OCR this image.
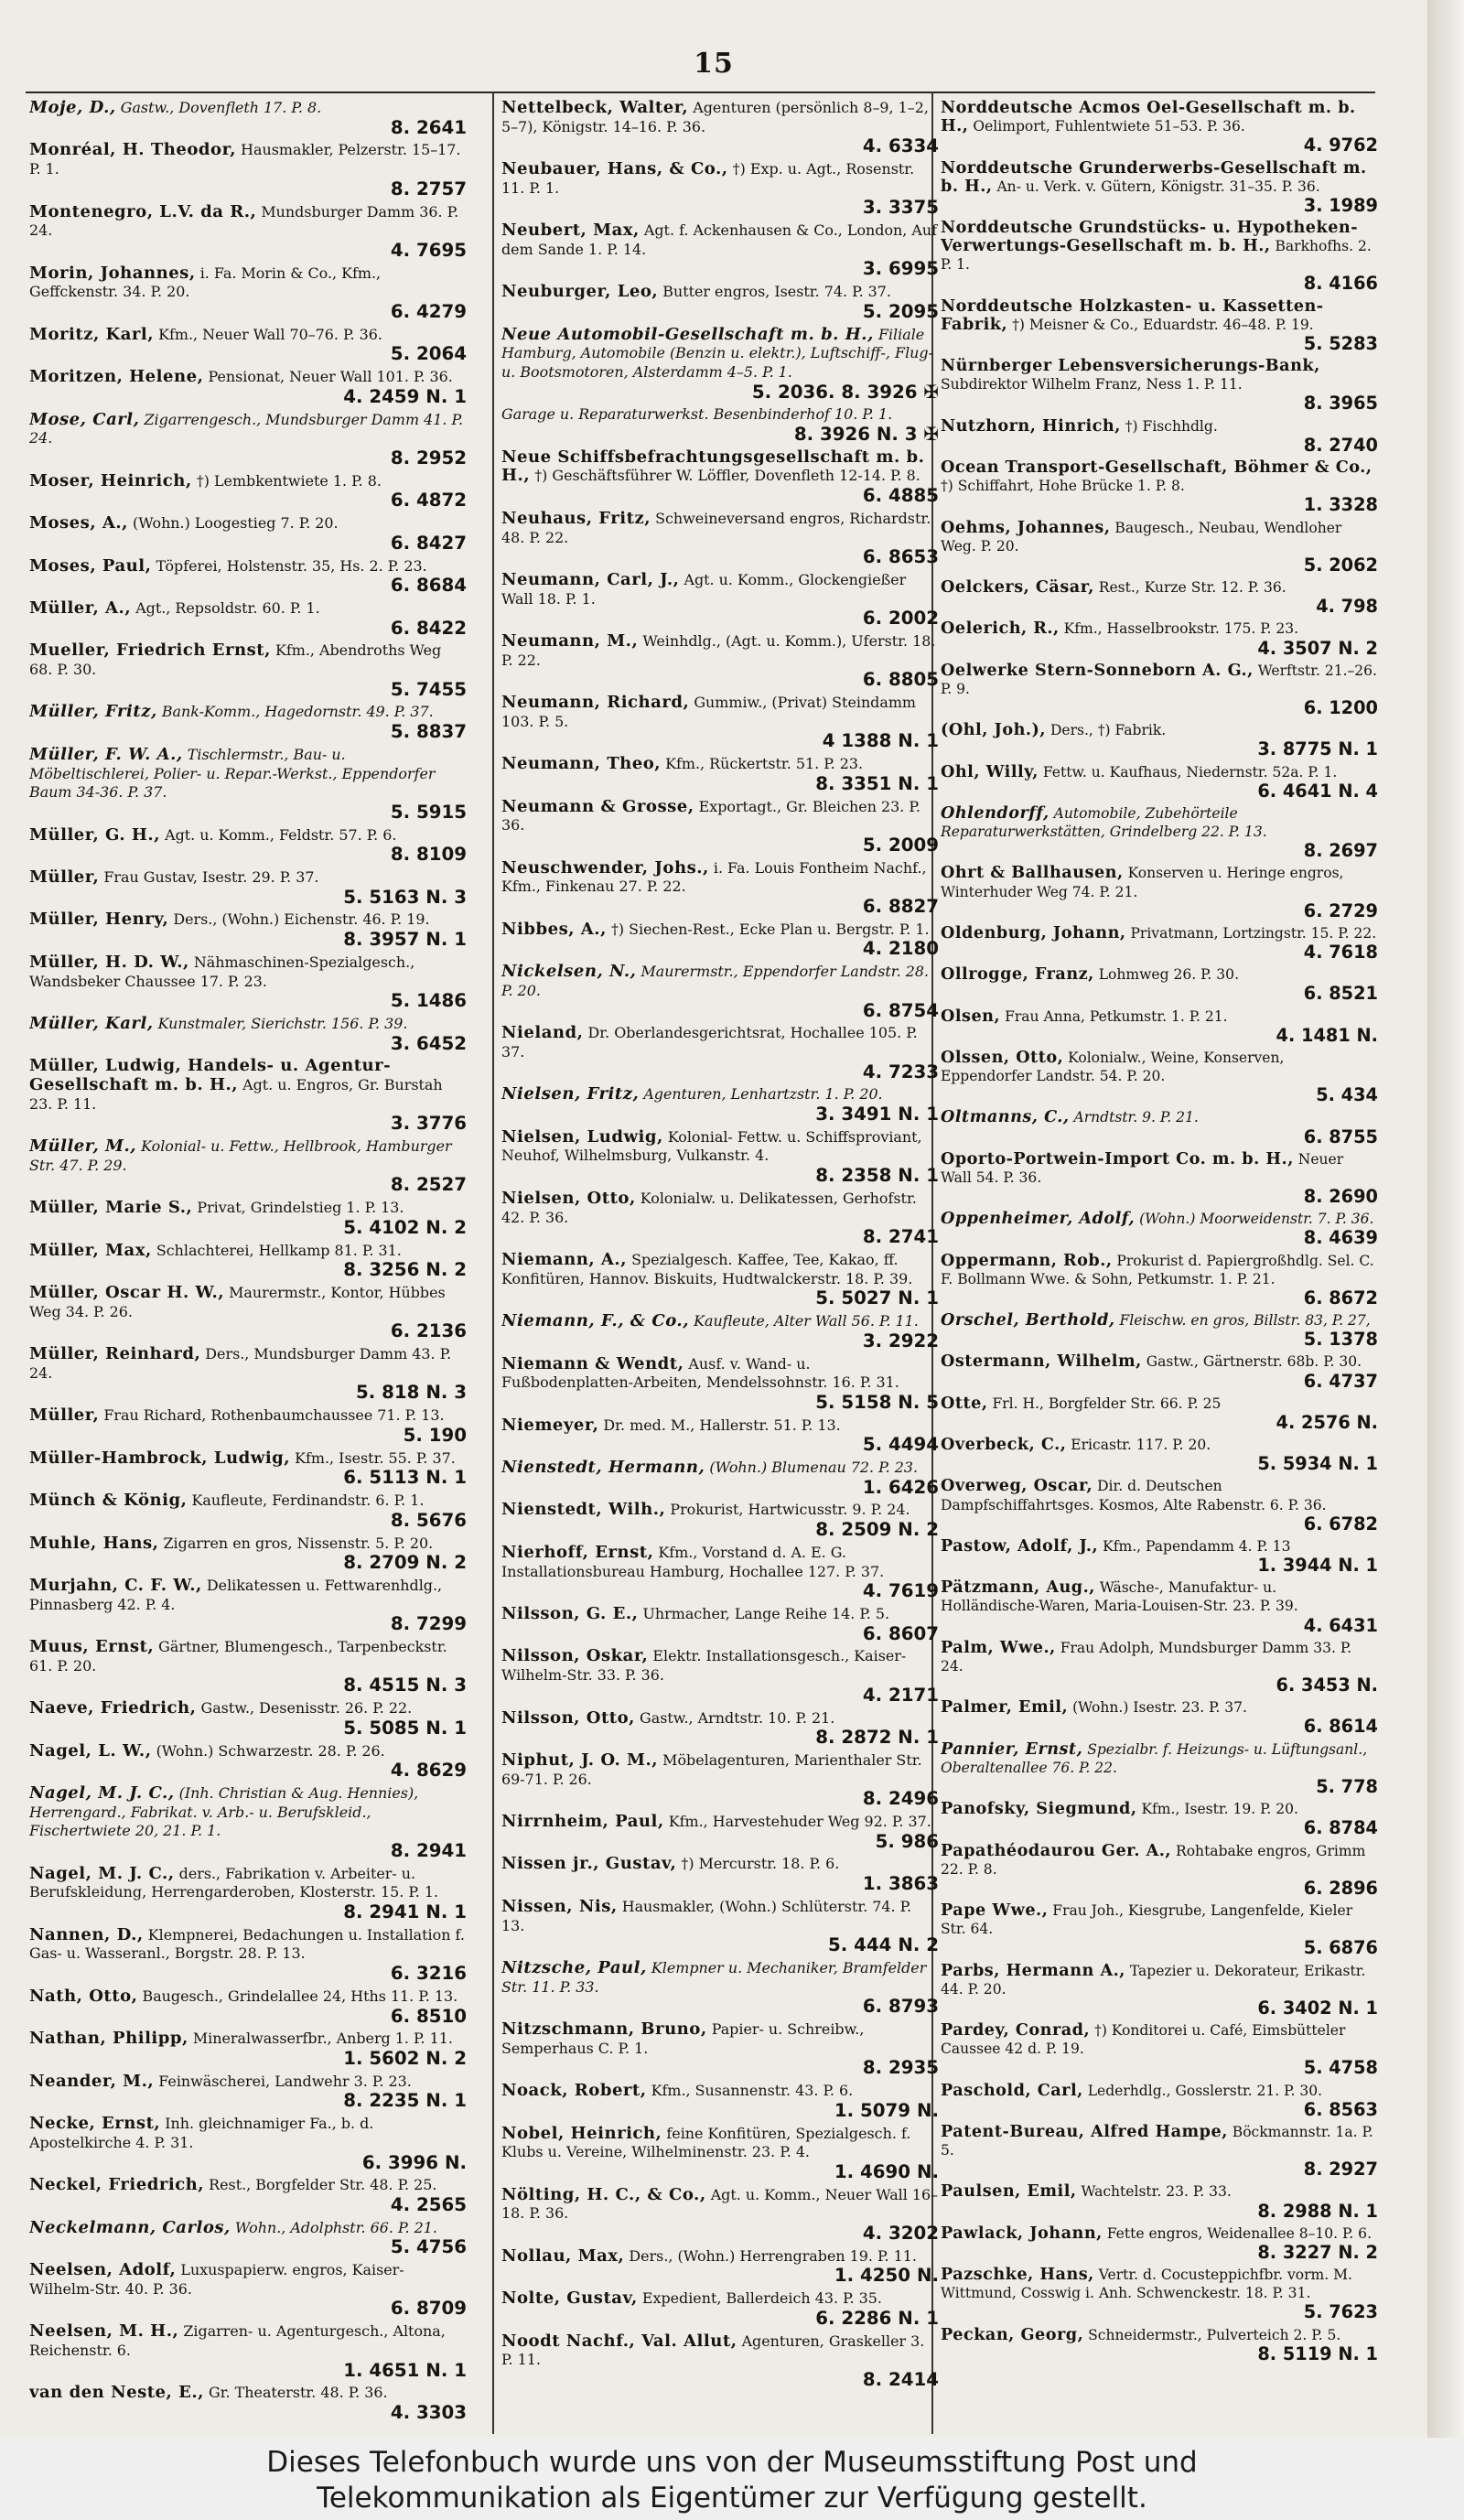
15
Moje, D., Gastw., Dovenfleth 17. P. 8.
8. 2641
Monréal, H. Theodor, Hausmakler, Pelzerstr. 15–17. P. 1.
8. 2757
Montenegro, L.V. da R., Mundsburger Damm 36. P. 24.
4. 7695
Morin, Johannes, i. Fa. Morin & Co., Kfm., Geffckenstr. 34. P. 20.
6. 4279
Moritz, Karl, Kfm., Neuer Wall 70–76. P. 36.
5. 2064
Moritzen, Helene, Pensionat, Neuer Wall 101. P. 36.
4. 2459 N. 1
Mose, Carl, Zigarrengesch., Mundsburger Damm 41. P. 24.
8. 2952
Moser, Heinrich, †) Lembkentwiete 1. P. 8.
6. 4872
Moses, A., (Wohn.) Loogestieg 7. P. 20.
6. 8427
Moses, Paul, Töpferei, Holstenstr. 35, Hs. 2. P. 23.
6. 8684
Müller, A., Agt., Repsoldstr. 60. P. 1.
6. 8422
Mueller, Friedrich Ernst, Kfm., Abendroths Weg 68. P. 30.
5. 7455
Müller, Fritz, Bank-Komm., Hagedornstr. 49. P. 37.
5. 8837
Müller, F. W. A., Tischlermstr., Bau- u. Möbeltischlerei, Polier- u. Repar.-Werkst., Eppendorfer Baum 34-36. P. 37.
5. 5915
Müller, G. H., Agt. u. Komm., Feldstr. 57. P. 6.
8. 8109
Müller, Frau Gustav, Isestr. 29. P. 37.
5. 5163 N. 3
Müller, Henry, Ders., (Wohn.) Eichenstr. 46. P. 19.
8. 3957 N. 1
Müller, H. D. W., Nähmaschinen-Spezialgesch., Wandsbeker Chaussee 17. P. 23.
5. 1486
Müller, Karl, Kunstmaler, Sierichstr. 156. P. 39.
3. 6452
Müller, Ludwig, Handels- u. Agentur-Gesellschaft m. b. H., Agt. u. Engros, Gr. Burstah 23. P. 11.
3. 3776
Müller, M., Kolonial- u. Fettw., Hellbrook, Hamburger Str. 47. P. 29.
8. 2527
Müller, Marie S., Privat, Grindelstieg 1. P. 13.
5. 4102 N. 2
Müller, Max, Schlachterei, Hellkamp 81. P. 31.
8. 3256 N. 2
Müller, Oscar H. W., Maurermstr., Kontor, Hübbes Weg 34. P. 26.
6. 2136
Müller, Reinhard, Ders., Mundsburger Damm 43. P. 24.
5. 818 N. 3
Müller, Frau Richard, Rothenbaumchaussee 71. P. 13.
5. 190
Müller-Hambrock, Ludwig, Kfm., Isestr. 55. P. 37.
6. 5113 N. 1
Münch & König, Kaufleute, Ferdinandstr. 6. P. 1.
8. 5676
Muhle, Hans, Zigarren en gros, Nissenstr. 5. P. 20.
8. 2709 N. 2
Murjahn, C. F. W., Delikatessen u. Fettwarenhdlg., Pinnasberg 42. P. 4.
8. 7299
Muus, Ernst, Gärtner, Blumengesch., Tarpenbeckstr. 61. P. 20.
8. 4515 N. 3
Naeve, Friedrich, Gastw., Desenisstr. 26. P. 22.
5. 5085 N. 1
Nagel, L. W., (Wohn.) Schwarzestr. 28. P. 26.
4. 8629
Nagel, M. J. C., (Inh. Christian & Aug. Hennies), Herrengard., Fabrikat. v. Arb.- u. Berufskleid., Fischertwiete 20, 21. P. 1.
8. 2941
Nagel, M. J. C., ders., Fabrikation v. Arbeiter- u. Berufskleidung, Herrengarderoben, Klosterstr. 15. P. 1.
8. 2941 N. 1
Nannen, D., Klempnerei, Bedachungen u. Installation f. Gas- u. Wasseranl., Borgstr. 28. P. 13.
6. 3216
Nath, Otto, Baugesch., Grindelallee 24, Hths 11. P. 13.
6. 8510
Nathan, Philipp, Mineralwasserfbr., Anberg 1. P. 11.
1. 5602 N. 2
Neander, M., Feinwäscherei, Landwehr 3. P. 23.
8. 2235 N. 1
Necke, Ernst, Inh. gleichnamiger Fa., b. d. Apostelkirche 4. P. 31.
6. 3996 N.
Neckel, Friedrich, Rest., Borgfelder Str. 48. P. 25.
4. 2565
Neckelmann, Carlos, Wohn., Adolphstr. 66. P. 21.
5. 4756
Neelsen, Adolf, Luxuspapierw. engros, Kaiser-Wilhelm-Str. 40. P. 36.
6. 8709
Neelsen, M. H., Zigarren- u. Agenturgesch., Altona, Reichenstr. 6.
1. 4651 N. 1
van den Neste, E., Gr. Theaterstr. 48. P. 36.
4. 3303
Nettelbeck, Walter, Agenturen (persönlich 8–9, 1–2, 5–7), Königstr. 14–16. P. 36.
4. 6334
Neubauer, Hans, & Co., †) Exp. u. Agt., Rosenstr. 11. P. 1.
3. 3375
Neubert, Max, Agt. f. Ackenhausen & Co., London, Auf dem Sande 1. P. 14.
3. 6995
Neuburger, Leo, Butter engros, Isestr. 74. P. 37.
5. 2095
Neue Automobil-Gesellschaft m. b. H., Filiale Hamburg, Automobile (Benzin u. elektr.), Luftschiff-, Flug- u. Bootsmotoren, Alsterdamm 4–5. P. 1.
5. 2036. 8. 3926 ✠
Garage u. Reparaturwerkst. Besenbinderhof 10. P. 1.
8. 3926 N. 3 ✠
Neue Schiffsbefrachtungsgesellschaft m. b. H., †) Geschäftsführer W. Löffler, Dovenfleth 12-14. P. 8.
6. 4885
Neuhaus, Fritz, Schweineversand engros, Richardstr. 48. P. 22.
6. 8653
Neumann, Carl, J., Agt. u. Komm., Glockengießer Wall 18. P. 1.
6. 2002
Neumann, M., Weinhdlg., (Agt. u. Komm.), Uferstr. 18. P. 22.
6. 8805
Neumann, Richard, Gummiw., (Privat) Steindamm 103. P. 5.
4 1388 N. 1
Neumann, Theo, Kfm., Rückertstr. 51. P. 23.
8. 3351 N. 1
Neumann & Grosse, Exportagt., Gr. Bleichen 23. P. 36.
5. 2009
Neuschwender, Johs., i. Fa. Louis Fontheim Nachf., Kfm., Finkenau 27. P. 22.
6. 8827
Nibbes, A., †) Siechen-Rest., Ecke Plan u. Bergstr. P. 1.
4. 2180
Nickelsen, N., Maurermstr., Eppendorfer Landstr. 28. P. 20.
6. 8754
Nieland, Dr. Oberlandesgerichtsrat, Hochallee 105. P. 37.
4. 7233
Nielsen, Fritz, Agenturen, Lenhartzstr. 1. P. 20.
3. 3491 N. 1
Nielsen, Ludwig, Kolonial- Fettw. u. Schiffsproviant, Neuhof, Wilhelmsburg, Vulkanstr. 4.
8. 2358 N. 1
Nielsen, Otto, Kolonialw. u. Delikatessen, Gerhofstr. 42. P. 36.
8. 2741
Niemann, A., Spezialgesch. Kaffee, Tee, Kakao, ff. Konfitüren, Hannov. Biskuits, Hudtwalckerstr. 18. P. 39.
5. 5027 N. 1
Niemann, F., & Co., Kaufleute, Alter Wall 56. P. 11.
3. 2922
Niemann & Wendt, Ausf. v. Wand- u. Fußbodenplatten-Arbeiten, Mendelssohnstr. 16. P. 31.
5. 5158 N. 5
Niemeyer, Dr. med. M., Hallerstr. 51. P. 13.
5. 4494
Nienstedt, Hermann, (Wohn.) Blumenau 72. P. 23.
1. 6426
Nienstedt, Wilh., Prokurist, Hartwicusstr. 9. P. 24.
8. 2509 N. 2
Nierhoff, Ernst, Kfm., Vorstand d. A. E. G. Installationsbureau Hamburg, Hochallee 127. P. 37.
4. 7619
Nilsson, G. E., Uhrmacher, Lange Reihe 14. P. 5.
6. 8607
Nilsson, Oskar, Elektr. Installationsgesch., Kaiser-Wilhelm-Str. 33. P. 36.
4. 2171
Nilsson, Otto, Gastw., Arndtstr. 10. P. 21.
8. 2872 N. 1
Niphut, J. O. M., Möbelagenturen, Marienthaler Str. 69-71. P. 26.
8. 2496
Nirrnheim, Paul, Kfm., Harvestehuder Weg 92. P. 37.
5. 986
Nissen jr., Gustav, †) Mercurstr. 18. P. 6.
1. 3863
Nissen, Nis, Hausmakler, (Wohn.) Schlüterstr. 74. P. 13.
5. 444 N. 2
Nitzsche, Paul, Klempner u. Mechaniker, Bramfelder Str. 11. P. 33.
6. 8793
Nitzschmann, Bruno, Papier- u. Schreibw., Semperhaus C. P. 1.
8. 2935
Noack, Robert, Kfm., Susannenstr. 43. P. 6.
1. 5079 N.
Nobel, Heinrich, feine Konfitüren, Spezialgesch. f. Klubs u. Vereine, Wilhelminenstr. 23. P. 4.
1. 4690 N.
Nölting, H. C., & Co., Agt. u. Komm., Neuer Wall 16–18. P. 36.
4. 3202
Nollau, Max, Ders., (Wohn.) Herrengraben 19. P. 11.
1. 4250 N.
Nolte, Gustav, Expedient, Ballerdeich 43. P. 35.
6. 2286 N. 1
Noodt Nachf., Val. Allut, Agenturen, Graskeller 3. P. 11.
8. 2414
Norddeutsche Acmos Oel-Gesellschaft m. b. H., Oelimport, Fuhlentwiete 51–53. P. 36.
4. 9762
Norddeutsche Grunderwerbs-Gesellschaft m. b. H., An- u. Verk. v. Gütern, Königstr. 31–35. P. 36.
3. 1989
Norddeutsche Grundstücks- u. Hypotheken-Verwertungs-Gesellschaft m. b. H., Barkhofhs. 2. P. 1.
8. 4166
Norddeutsche Holzkasten- u. Kassetten-Fabrik, †) Meisner & Co., Eduardstr. 46–48. P. 19.
5. 5283
Nürnberger Lebensversicherungs-Bank, Subdirektor Wilhelm Franz, Ness 1. P. 11.
8. 3965
Nutzhorn, Hinrich, †) Fischhdlg.
8. 2740
Ocean Transport-Gesellschaft, Böhmer & Co., †) Schiffahrt, Hohe Brücke 1. P. 8.
1. 3328
Oehms, Johannes, Baugesch., Neubau, Wendloher Weg. P. 20.
5. 2062
Oelckers, Cäsar, Rest., Kurze Str. 12. P. 36.
4. 798
Oelerich, R., Kfm., Hasselbrookstr. 175. P. 23.
4. 3507 N. 2
Oelwerke Stern-Sonneborn A. G., Werftstr. 21.–26. P. 9.
6. 1200
(Ohl, Joh.), Ders., †) Fabrik.
3. 8775 N. 1
Ohl, Willy, Fettw. u. Kaufhaus, Niedernstr. 52a. P. 1.
6. 4641 N. 4
Ohlendorff, Automobile, Zubehörteile Reparaturwerkstätten, Grindelberg 22. P. 13.
8. 2697
Ohrt & Ballhausen, Konserven u. Heringe engros, Winterhuder Weg 74. P. 21.
6. 2729
Oldenburg, Johann, Privatmann, Lortzingstr. 15. P. 22.
4. 7618
Ollrogge, Franz, Lohmweg 26. P. 30.
6. 8521
Olsen, Frau Anna, Petkumstr. 1. P. 21.
4. 1481 N.
Olssen, Otto, Kolonialw., Weine, Konserven, Eppendorfer Landstr. 54. P. 20.
5. 434
Oltmanns, C., Arndtstr. 9. P. 21.
6. 8755
Oporto-Portwein-Import Co. m. b. H., Neuer Wall 54. P. 36.
8. 2690
Oppenheimer, Adolf, (Wohn.) Moorweidenstr. 7. P. 36.
8. 4639
Oppermann, Rob., Prokurist d. Papiergroßhdlg. Sel. C. F. Bollmann Wwe. & Sohn, Petkumstr. 1. P. 21.
6. 8672
Orschel, Berthold, Fleischw. en gros, Billstr. 83, P. 27,
5. 1378
Ostermann, Wilhelm, Gastw., Gärtnerstr. 68b. P. 30.
6. 4737
Otte, Frl. H., Borgfelder Str. 66. P. 25
4. 2576 N.
Overbeck, C., Ericastr. 117. P. 20.
5. 5934 N. 1
Overweg, Oscar, Dir. d. Deutschen Dampfschiffahrtsges. Kosmos, Alte Rabenstr. 6. P. 36.
6. 6782
Pastow, Adolf, J., Kfm., Papendamm 4. P. 13
1. 3944 N. 1
Pätzmann, Aug., Wäsche-, Manufaktur- u. Holländische-Waren, Maria-Louisen-Str. 23. P. 39.
4. 6431
Palm, Wwe., Frau Adolph, Mundsburger Damm 33. P. 24.
6. 3453 N.
Palmer, Emil, (Wohn.) Isestr. 23. P. 37.
6. 8614
Pannier, Ernst, Spezialbr. f. Heizungs- u. Lüftungsanl., Oberaltenallee 76. P. 22.
5. 778
Panofsky, Siegmund, Kfm., Isestr. 19. P. 20.
6. 8784
Papathéodaurou Ger. A., Rohtabake engros, Grimm 22. P. 8.
6. 2896
Pape Wwe., Frau Joh., Kiesgrube, Langenfelde, Kieler Str. 64.
5. 6876
Parbs, Hermann A., Tapezier u. Dekorateur, Erikastr. 44. P. 20.
6. 3402 N. 1
Pardey, Conrad, †) Konditorei u. Café, Eimsbütteler Caussee 42 d. P. 19.
5. 4758
Paschold, Carl, Lederhdlg., Gosslerstr. 21. P. 30.
6. 8563
Patent-Bureau, Alfred Hampe, Böckmannstr. 1a. P. 5.
8. 2927
Paulsen, Emil, Wachtelstr. 23. P. 33.
8. 2988 N. 1
Pawlack, Johann, Fette engros, Weidenallee 8–10. P. 6.
8. 3227 N. 2
Pazschke, Hans, Vertr. d. Cocusteppichfbr. vorm. M. Wittmund, Cosswig i. Anh. Schwenckestr. 18. P. 31.
5. 7623
Peckan, Georg, Schneidermstr., Pulverteich 2. P. 5.
8. 5119 N. 1
Dieses Telefonbuch wurde uns von der Museumsstiftung Post und
Telekommunikation als Eigentümer zur Verfügung gestellt.
